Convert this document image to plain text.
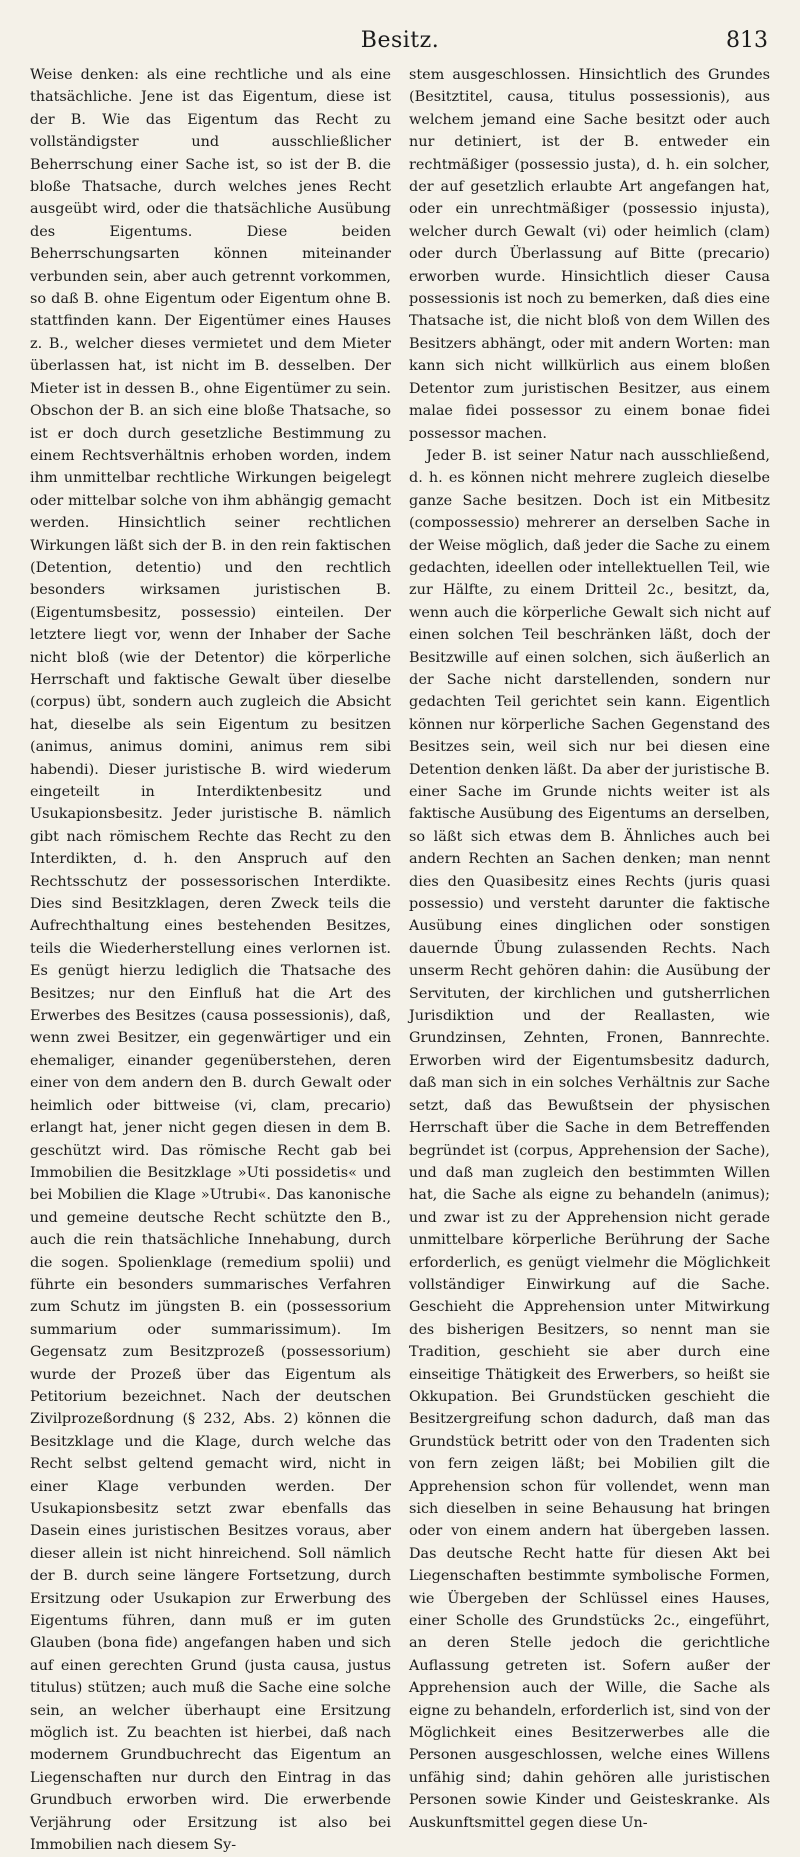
Besitz.	813

Weise denken: als eine rechtliche und als eine thatsächliche. Jene ist das Eigentum, diese ist der B. Wie das Eigentum das Recht zu vollständigster und ausschließlicher Beherrschung einer Sache ist, so ist der B. die bloße Thatsache, durch welches jenes Recht ausgeübt wird, oder die thatsächliche Ausübung des Eigentums. Diese beiden Beherrschungsarten können miteinander verbunden sein, aber auch getrennt vorkommen, so daß B. ohne Eigentum oder Eigentum ohne B. stattfinden kann. Der Eigentümer eines Hauses z. B., welcher dieses vermietet und dem Mieter überlassen hat, ist nicht im B. desselben. Der Mieter ist in dessen B., ohne Eigentümer zu sein. Obschon der B. an sich eine bloße Thatsache, so ist er doch durch gesetzliche Bestimmung zu einem Rechtsverhältnis erhoben worden, indem ihm unmittelbar rechtliche Wirkungen beigelegt oder mittelbar solche von ihm abhängig gemacht werden. Hinsichtlich seiner rechtlichen Wirkungen läßt sich der B. in den rein faktischen (Detention, detentio) und den rechtlich besonders wirksamen juristischen B. (Eigentumsbesitz, possessio) einteilen. Der letztere liegt vor, wenn der Inhaber der Sache nicht bloß (wie der Detentor) die körperliche Herrschaft und faktische Gewalt über dieselbe (corpus) übt, sondern auch zugleich die Absicht hat, dieselbe als sein Eigentum zu besitzen (animus, animus domini, animus rem sibi habendi). Dieser juristische B. wird wiederum eingeteilt in Interdiktenbesitz und Usukapionsbesitz. Jeder juristische B. nämlich gibt nach römischem Rechte das Recht zu den Interdikten, d. h. den Anspruch auf den Rechtsschutz der possessorischen Interdikte. Dies sind Besitzklagen, deren Zweck teils die Aufrechthaltung eines bestehenden Besitzes, teils die Wiederherstellung eines verlornen ist. Es genügt hierzu lediglich die Thatsache des Besitzes; nur den Einfluß hat die Art des Erwerbes des Besitzes (causa possessionis), daß, wenn zwei Besitzer, ein gegenwärtiger und ein ehemaliger, einander gegenüberstehen, deren einer von dem andern den B. durch Gewalt oder heimlich oder bittweise (vi, clam, precario) erlangt hat, jener nicht gegen diesen in dem B. geschützt wird. Das römische Recht gab bei Immobilien die Besitzklage »Uti possidetis« und bei Mobilien die Klage »Utrubi«. Das kanonische und gemeine deutsche Recht schützte den B., auch die rein thatsächliche Innehabung, durch die sogen. Spolienklage (remedium spolii) und führte ein besonders summarisches Verfahren zum Schutz im jüngsten B. ein (possessorium summarium oder summarissimum). Im Gegensatz zum Besitzprozeß (possessorium) wurde der Prozeß über das Eigentum als Petitorium bezeichnet. Nach der deutschen Zivilprozeßordnung (§ 232, Abs. 2) können die Besitzklage und die Klage, durch welche das Recht selbst geltend gemacht wird, nicht in einer Klage verbunden werden. Der Usukapionsbesitz setzt zwar ebenfalls das Dasein eines juristischen Besitzes voraus, aber dieser allein ist nicht hinreichend. Soll nämlich der B. durch seine längere Fortsetzung, durch Ersitzung oder Usukapion zur Erwerbung des Eigentums führen, dann muß er im guten Glauben (bona fide) angefangen haben und sich auf einen gerechten Grund (justa causa, justus titulus) stützen; auch muß die Sache eine solche sein, an welcher überhaupt eine Ersitzung möglich ist. Zu beachten ist hierbei, daß nach modernem Grundbuchrecht das Eigentum an Liegenschaften nur durch den Eintrag in das Grundbuch erworben wird. Die erwerbende Verjährung oder Ersitzung ist also bei Immobilien nach diesem Sy-

stem ausgeschlossen. Hinsichtlich des Grundes (Besitztitel, causa, titulus possessionis), aus welchem jemand eine Sache besitzt oder auch nur detiniert, ist der B. entweder ein rechtmäßiger (possessio justa), d. h. ein solcher, der auf gesetzlich erlaubte Art angefangen hat, oder ein unrechtmäßiger (possessio injusta), welcher durch Gewalt (vi) oder heimlich (clam) oder durch Überlassung auf Bitte (precario) erworben wurde. Hinsichtlich dieser Causa possessionis ist noch zu bemerken, daß dies eine Thatsache ist, die nicht bloß von dem Willen des Besitzers abhängt, oder mit andern Worten: man kann sich nicht willkürlich aus einem bloßen Detentor zum juristischen Besitzer, aus einem malae fidei possessor zu einem bonae fidei possessor machen.

Jeder B. ist seiner Natur nach ausschließend, d. h. es können nicht mehrere zugleich dieselbe ganze Sache besitzen. Doch ist ein Mitbesitz (compossessio) mehrerer an derselben Sache in der Weise möglich, daß jeder die Sache zu einem gedachten, ideellen oder intellektuellen Teil, wie zur Hälfte, zu einem Dritteil 2c., besitzt, da, wenn auch die körperliche Gewalt sich nicht auf einen solchen Teil beschränken läßt, doch der Besitzwille auf einen solchen, sich äußerlich an der Sache nicht darstellenden, sondern nur gedachten Teil gerichtet sein kann. Eigentlich können nur körperliche Sachen Gegenstand des Besitzes sein, weil sich nur bei diesen eine Detention denken läßt. Da aber der juristische B. einer Sache im Grunde nichts weiter ist als faktische Ausübung des Eigentums an derselben, so läßt sich etwas dem B. Ähnliches auch bei andern Rechten an Sachen denken; man nennt dies den Quasibesitz eines Rechts (juris quasi possessio) und versteht darunter die faktische Ausübung eines dinglichen oder sonstigen dauernde Übung zulassenden Rechts. Nach unserm Recht gehören dahin: die Ausübung der Servituten, der kirchlichen und gutsherrlichen Jurisdiktion und der Reallasten, wie Grundzinsen, Zehnten, Fronen, Bannrechte. Erworben wird der Eigentumsbesitz dadurch, daß man sich in ein solches Verhältnis zur Sache setzt, daß das Bewußtsein der physischen Herrschaft über die Sache in dem Betreffenden begründet ist (corpus, Apprehension der Sache), und daß man zugleich den bestimmten Willen hat, die Sache als eigne zu behandeln (animus); und zwar ist zu der Apprehension nicht gerade unmittelbare körperliche Berührung der Sache erforderlich, es genügt vielmehr die Möglichkeit vollständiger Einwirkung auf die Sache. Geschieht die Apprehension unter Mitwirkung des bisherigen Besitzers, so nennt man sie Tradition, geschieht sie aber durch eine einseitige Thätigkeit des Erwerbers, so heißt sie Okkupation. Bei Grundstücken geschieht die Besitzergreifung schon dadurch, daß man das Grundstück betritt oder von den Tradenten sich von fern zeigen läßt; bei Mobilien gilt die Apprehension schon für vollendet, wenn man sich dieselben in seine Behausung hat bringen oder von einem andern hat übergeben lassen. Das deutsche Recht hatte für diesen Akt bei Liegenschaften bestimmte symbolische Formen, wie Übergeben der Schlüssel eines Hauses, einer Scholle des Grundstücks 2c., eingeführt, an deren Stelle jedoch die gerichtliche Auflassung getreten ist. Sofern außer der Apprehension auch der Wille, die Sache als eigne zu behandeln, erforderlich ist, sind von der Möglichkeit eines Besitzerwerbes alle die Personen ausgeschlossen, welche eines Willens unfähig sind; dahin gehören alle juristischen Personen sowie Kinder und Geisteskranke. Als Auskunftsmittel gegen diese Un-
